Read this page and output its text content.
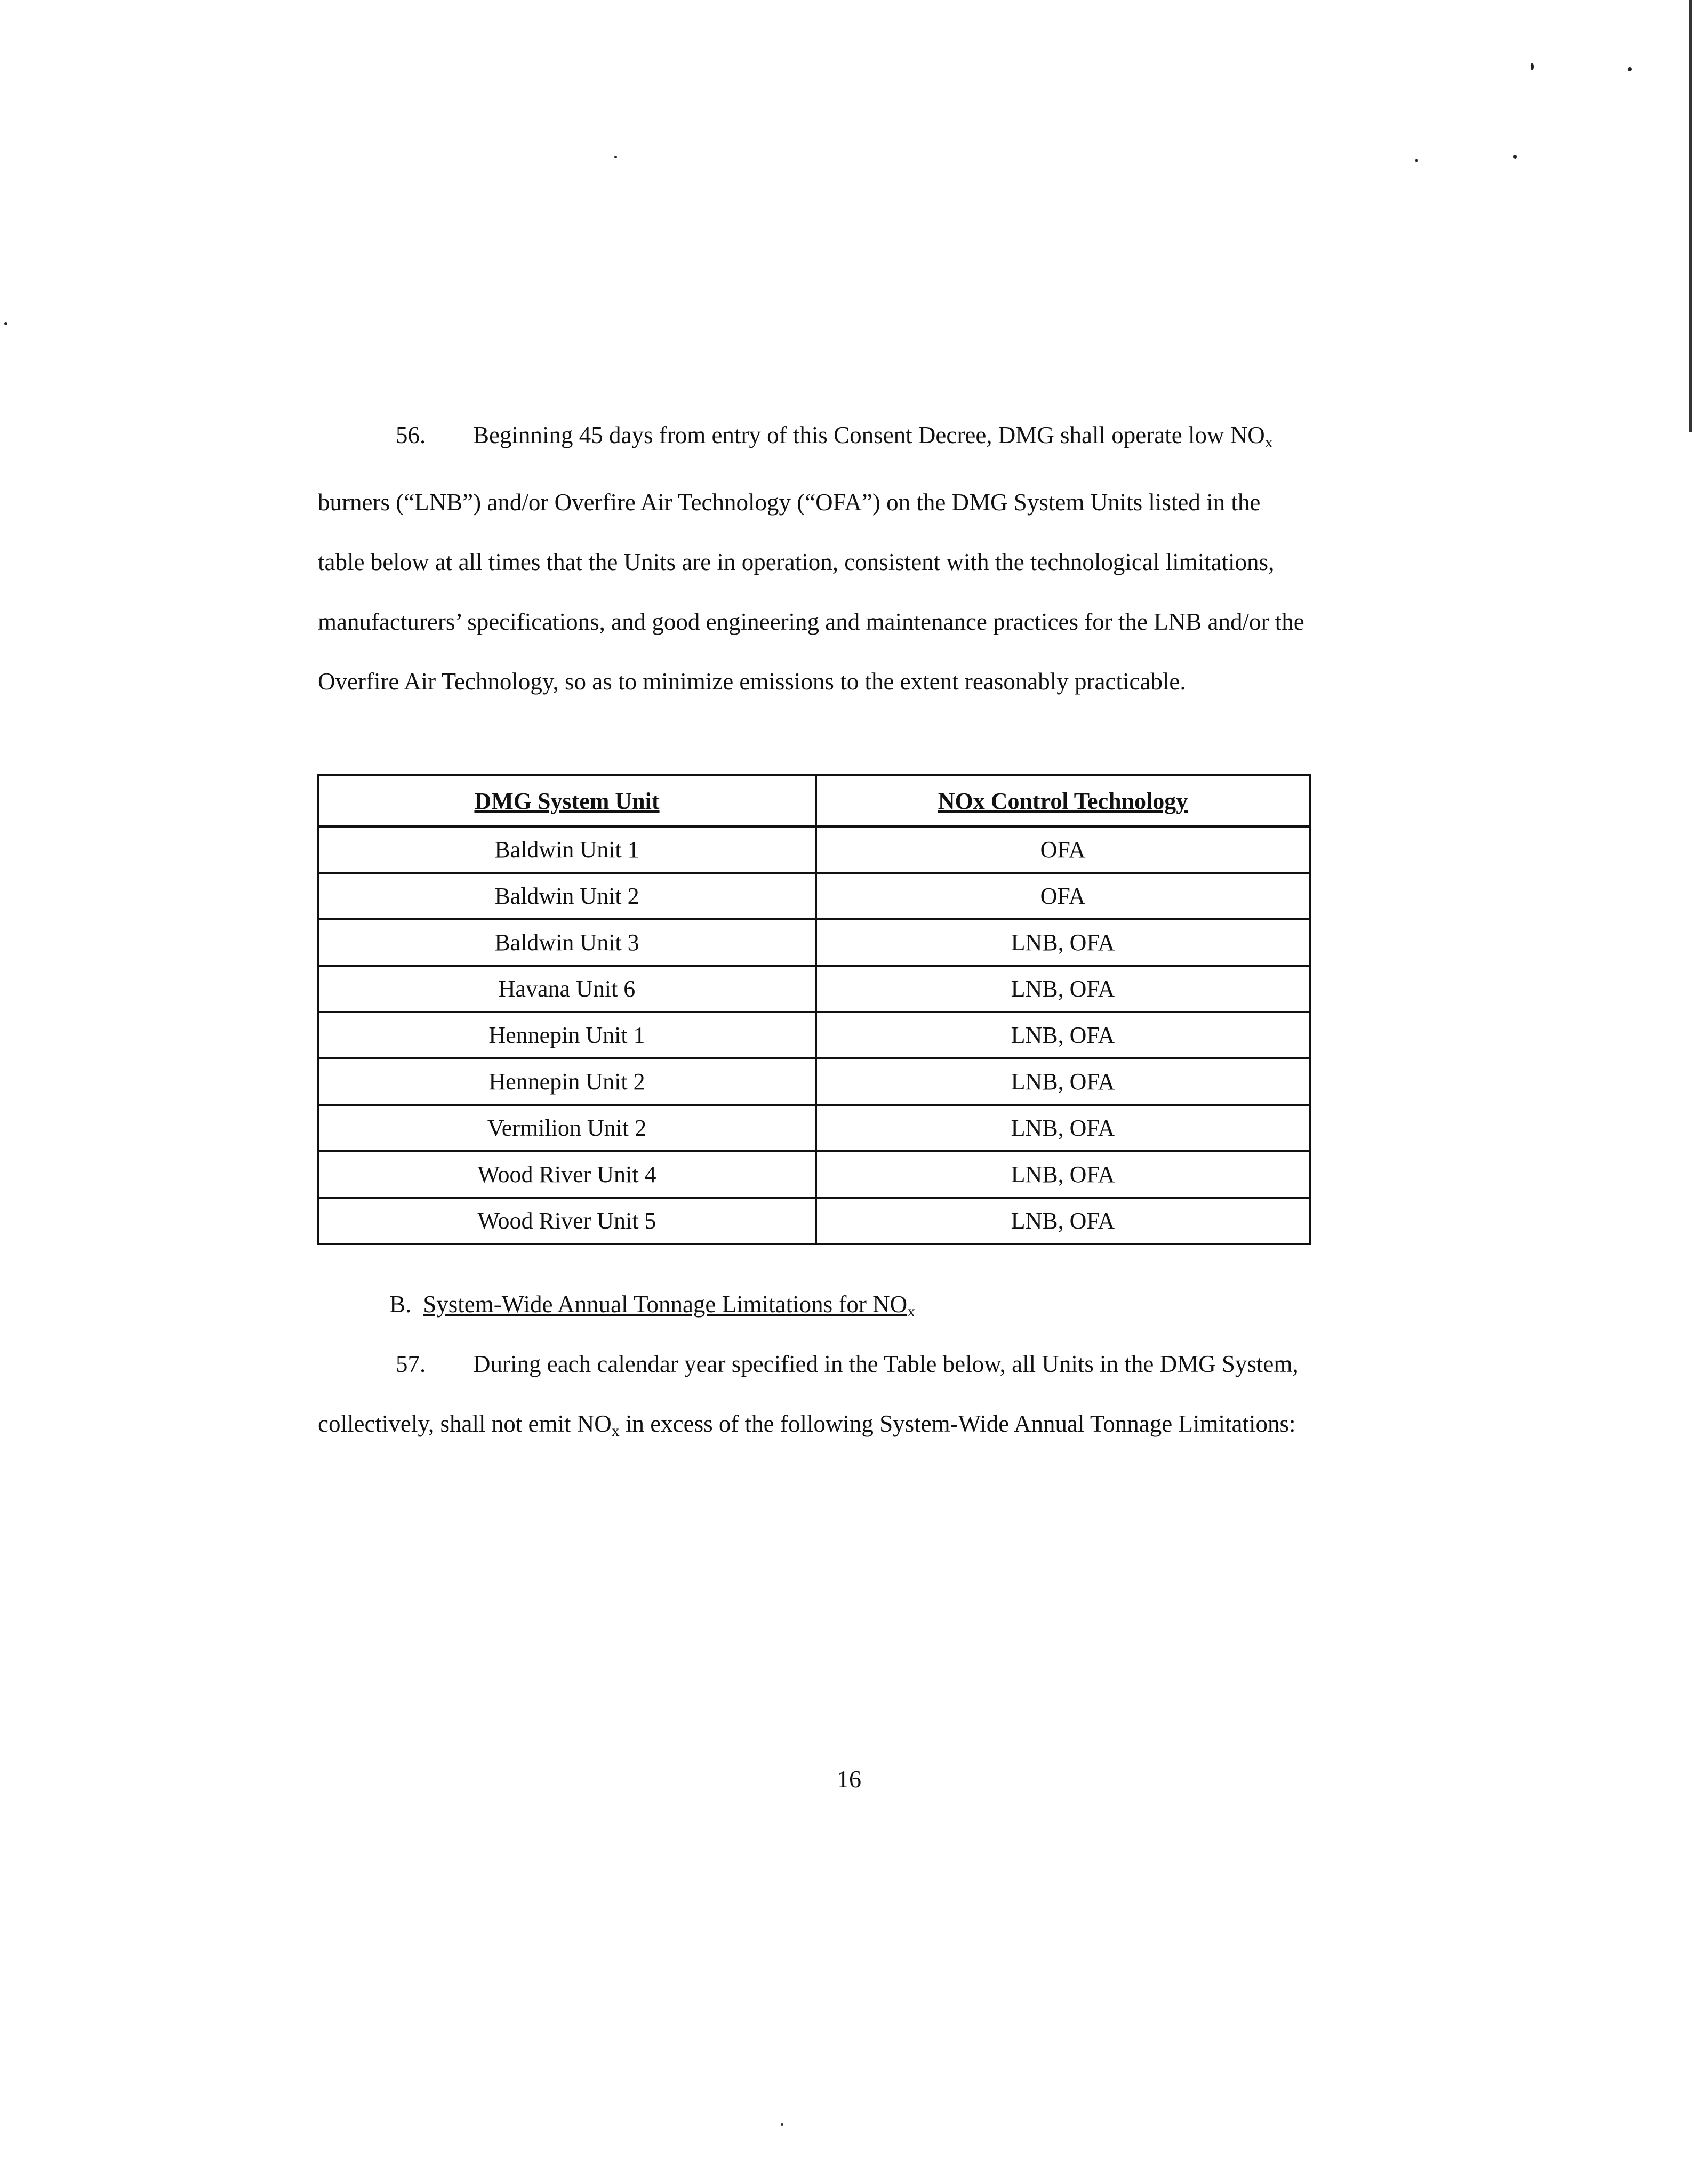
56. Beginning 45 days from entry of this Consent Decree, DMG shall operate low $NO_x$ burners (“LNB”) and/or Overfire Air Technology (“OFA”) on the DMG System Units listed in the table below at all times that the Units are in operation, consistent with the technological limitations, manufacturers’ specifications, and good engineering and maintenance practices for the LNB and/or the Overfire Air Technology, so as to minimize emissions to the extent reasonably practicable.

DMG System Unit	NOx Control Technology
Baldwin Unit 1	OFA
Baldwin Unit 2	OFA
Baldwin Unit 3	LNB, OFA
Havana Unit 6	LNB, OFA
Hennepin Unit 1	LNB, OFA
Hennepin Unit 2	LNB, OFA
Vermilion Unit 2	LNB, OFA
Wood River Unit 4	LNB, OFA
Wood River Unit 5	LNB, OFA

B. System-Wide Annual Tonnage Limitations for $NO_x$

57. During each calendar year specified in the Table below, all Units in the DMG System, collectively, shall not emit $NO_x$ in excess of the following System-Wide Annual Tonnage Limitations:

16
